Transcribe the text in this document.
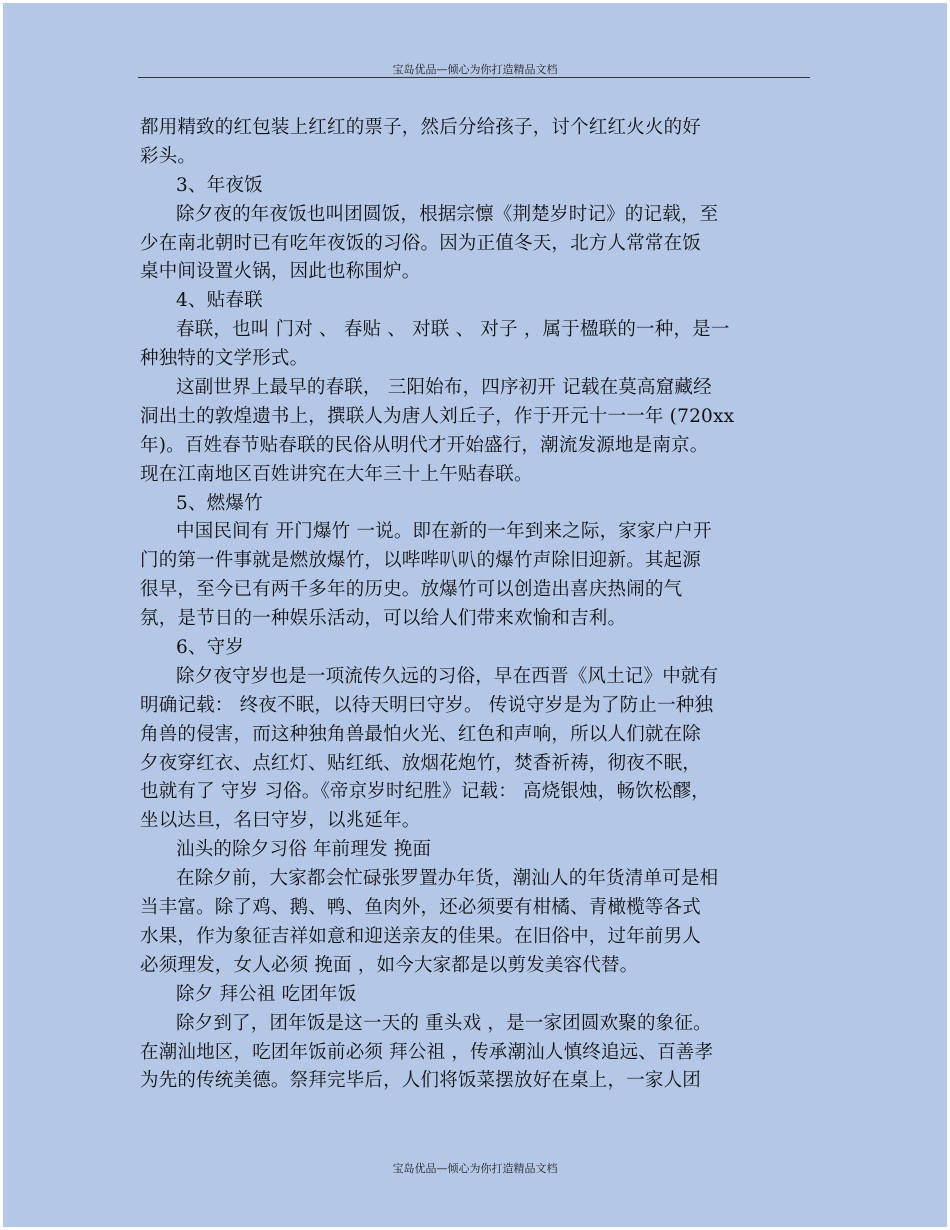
宝岛优品—倾心为你打造精品文档
都用精致的红包装上红红的票子，然后分给孩子，讨个红红火火的好
彩头。
3、年夜饭
除夕夜的年夜饭也叫团圆饭，根据宗懔《荆楚岁时记》的记载，至
少在南北朝时已有吃年夜饭的习俗。因为正值冬天，北方人常常在饭
桌中间设置火锅，因此也称围炉。
4、贴春联
春联，也叫 门对 、 春贴 、 对联 、 对子 ，属于楹联的一种，是一
种独特的文学形式。
这副世界上最早的春联， 三阳始布，四序初开 记载在莫高窟藏经
洞出土的敦煌遗书上，撰联人为唐人刘丘子，作于开元十一一年 (720xx
年)。百姓春节贴春联的民俗从明代才开始盛行，潮流发源地是南京。
现在江南地区百姓讲究在大年三十上午贴春联。
5、燃爆竹
中国民间有 开门爆竹 一说。即在新的一年到来之际，家家户户开
门的第一件事就是燃放爆竹，以哔哔叭叭的爆竹声除旧迎新。其起源
很早，至今已有两千多年的历史。放爆竹可以创造出喜庆热闹的气
氛，是节日的一种娱乐活动，可以给人们带来欢愉和吉利。
6、守岁
除夕夜守岁也是一项流传久远的习俗，早在西晋《风土记》中就有
明确记载： 终夜不眠，以待天明曰守岁。 传说守岁是为了防止一种独
角兽的侵害，而这种独角兽最怕火光、红色和声响，所以人们就在除
夕夜穿红衣、点红灯、贴红纸、放烟花炮竹，焚香祈祷，彻夜不眠，
也就有了 守岁 习俗。《帝京岁时纪胜》记载： 高烧银烛，畅饮松醪，
坐以达旦，名曰守岁，以兆延年。
汕头的除夕习俗 年前理发 挽面
在除夕前，大家都会忙碌张罗置办年货，潮汕人的年货清单可是相
当丰富。除了鸡、鹅、鸭、鱼肉外，还必须要有柑橘、青橄榄等各式
水果，作为象征吉祥如意和迎送亲友的佳果。在旧俗中，过年前男人
必须理发，女人必须 挽面 ，如今大家都是以剪发美容代替。
除夕 拜公祖 吃团年饭
除夕到了，团年饭是这一天的 重头戏 ，是一家团圆欢聚的象征。
在潮汕地区，吃团年饭前必须 拜公祖 ，传承潮汕人慎终追远、百善孝
为先的传统美德。祭拜完毕后，人们将饭菜摆放好在桌上，一家人团
宝岛优品—倾心为你打造精品文档
